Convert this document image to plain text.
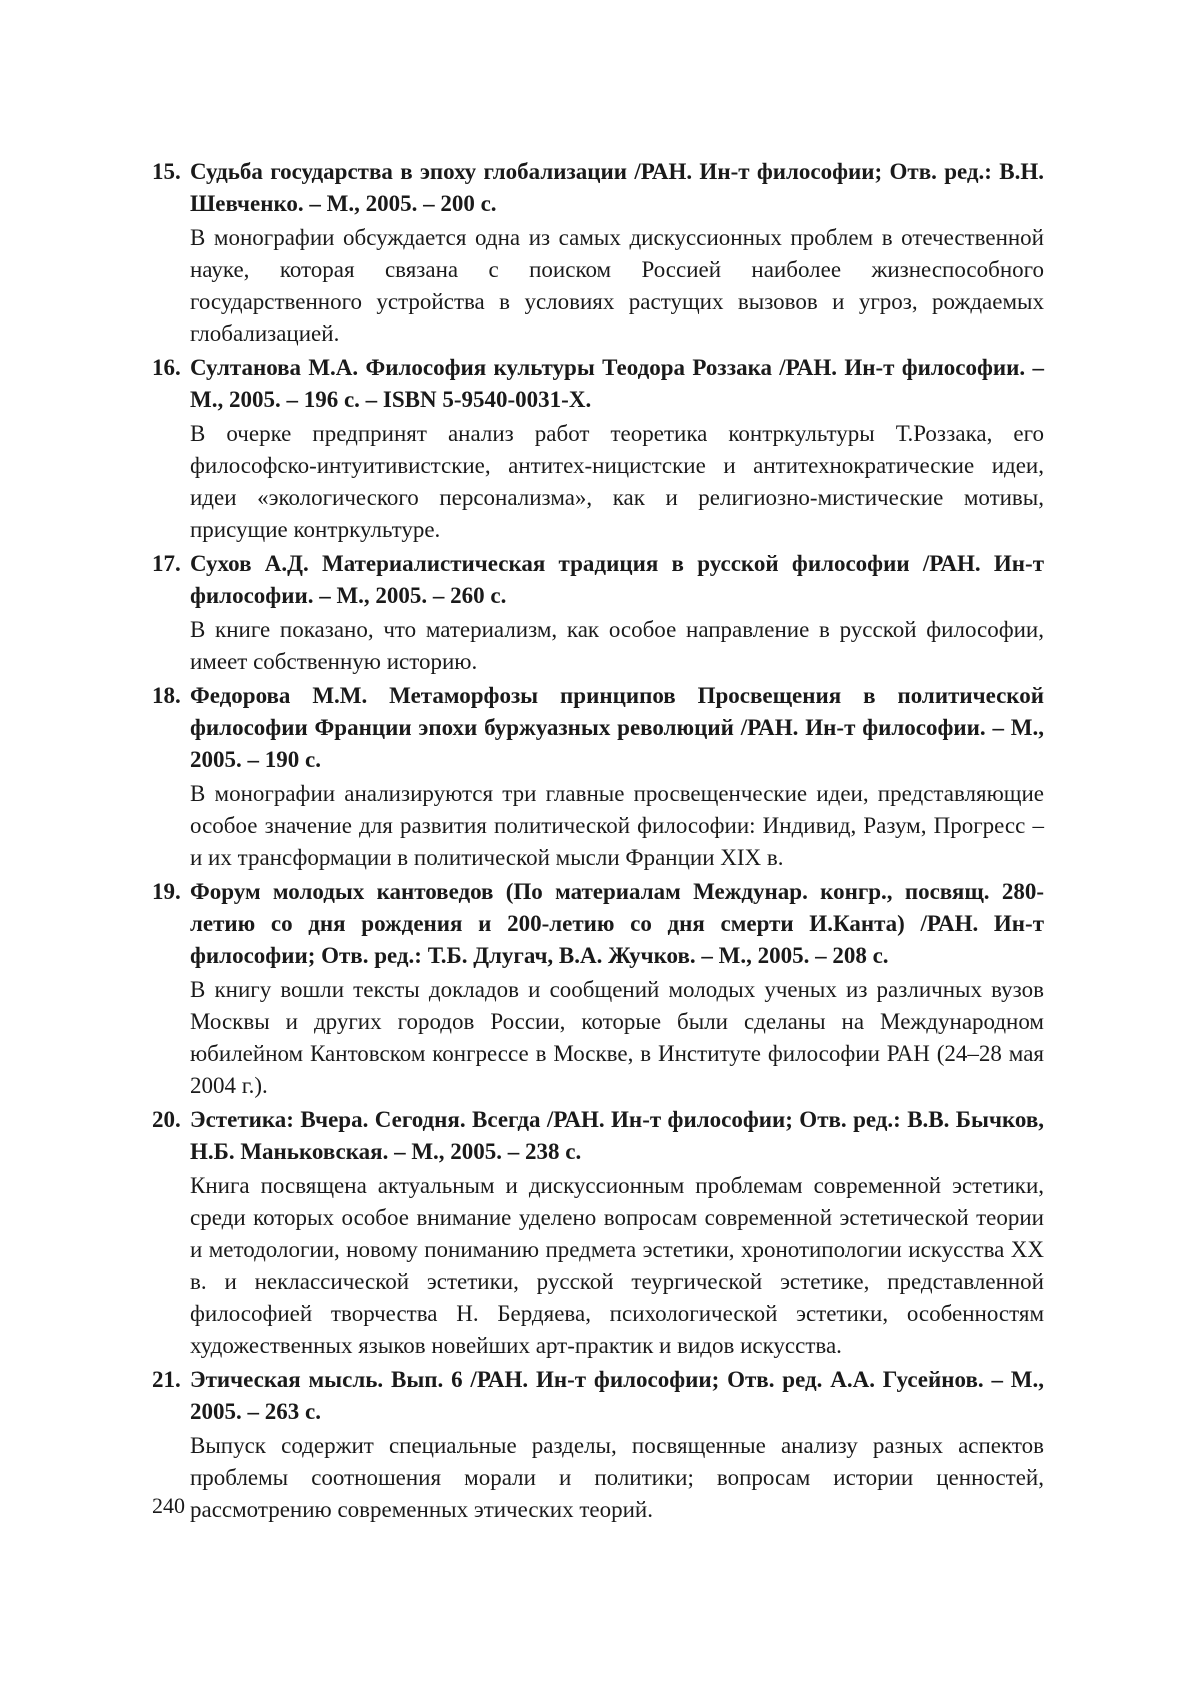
15. Судьба государства в эпоху глобализации /РАН. Ин-т философии; Отв. ред.: В.Н. Шевченко. – М., 2005. – 200 с.

В монографии обсуждается одна из самых дискуссионных проблем в отечественной науке, которая связана с поиском Россией наиболее жизнеспособного государственного устройства в условиях растущих вызовов и угроз, рождаемых глобализацией.

16. Султанова М.А. Философия культуры Теодора Роззака /РАН. Ин-т философии. – М., 2005. – 196 с. – ISBN 5-9540-0031-X.

В очерке предпринят анализ работ теоретика контркультуры Т.Роззака, его философско-интуитивистские, антитех-ницистские и антитехнократические идеи, идеи «экологического персонализма», как и религиозно-мистические мотивы, присущие контркультуре.

17. Сухов А.Д. Материалистическая традиция в русской философии /РАН. Ин-т философии. – М., 2005. – 260 с.

В книге показано, что материализм, как особое направление в русской философии, имеет собственную историю.

18. Федорова М.М. Метаморфозы принципов Просвещения в политической философии Франции эпохи буржуазных революций /РАН. Ин-т философии. – М., 2005. – 190 с.

В монографии анализируются три главные просвещенческие идеи, представляющие особое значение для развития политической философии: Индивид, Разум, Прогресс – и их трансформации в политической мысли Франции XIX в.

19. Форум молодых кантоведов (По материалам Междунар. конгр., посвящ. 280-летию со дня рождения и 200-летию со дня смерти И.Канта) /РАН. Ин-т философии; Отв. ред.: Т.Б. Длугач, В.А. Жучков. – М., 2005. – 208 с.

В книгу вошли тексты докладов и сообщений молодых ученых из различных вузов Москвы и других городов России, которые были сделаны на Международном юбилейном Кантовском конгрессе в Москве, в Институте философии РАН (24–28 мая 2004 г.).

20. Эстетика: Вчера. Сегодня. Всегда /РАН. Ин-т философии; Отв. ред.: В.В. Бычков, Н.Б. Маньковская. – М., 2005. – 238 с.

Книга посвящена актуальным и дискуссионным проблемам современной эстетики, среди которых особое внимание уделено вопросам современной эстетической теории и методологии, новому пониманию предмета эстетики, хронотипологии искусства XX в. и неклассической эстетики, русской теургической эстетике, представленной философией творчества Н. Бердяева, психологической эстетики, особенностям художественных языков новейших арт-практик и видов искусства.

21. Этическая мысль. Вып. 6 /РАН. Ин-т философии; Отв. ред. А.А. Гусейнов. – М., 2005. – 263 с.

Выпуск содержит специальные разделы, посвященные анализу разных аспектов проблемы соотношения морали и политики; вопросам истории ценностей, рассмотрению современных этических теорий.

240
